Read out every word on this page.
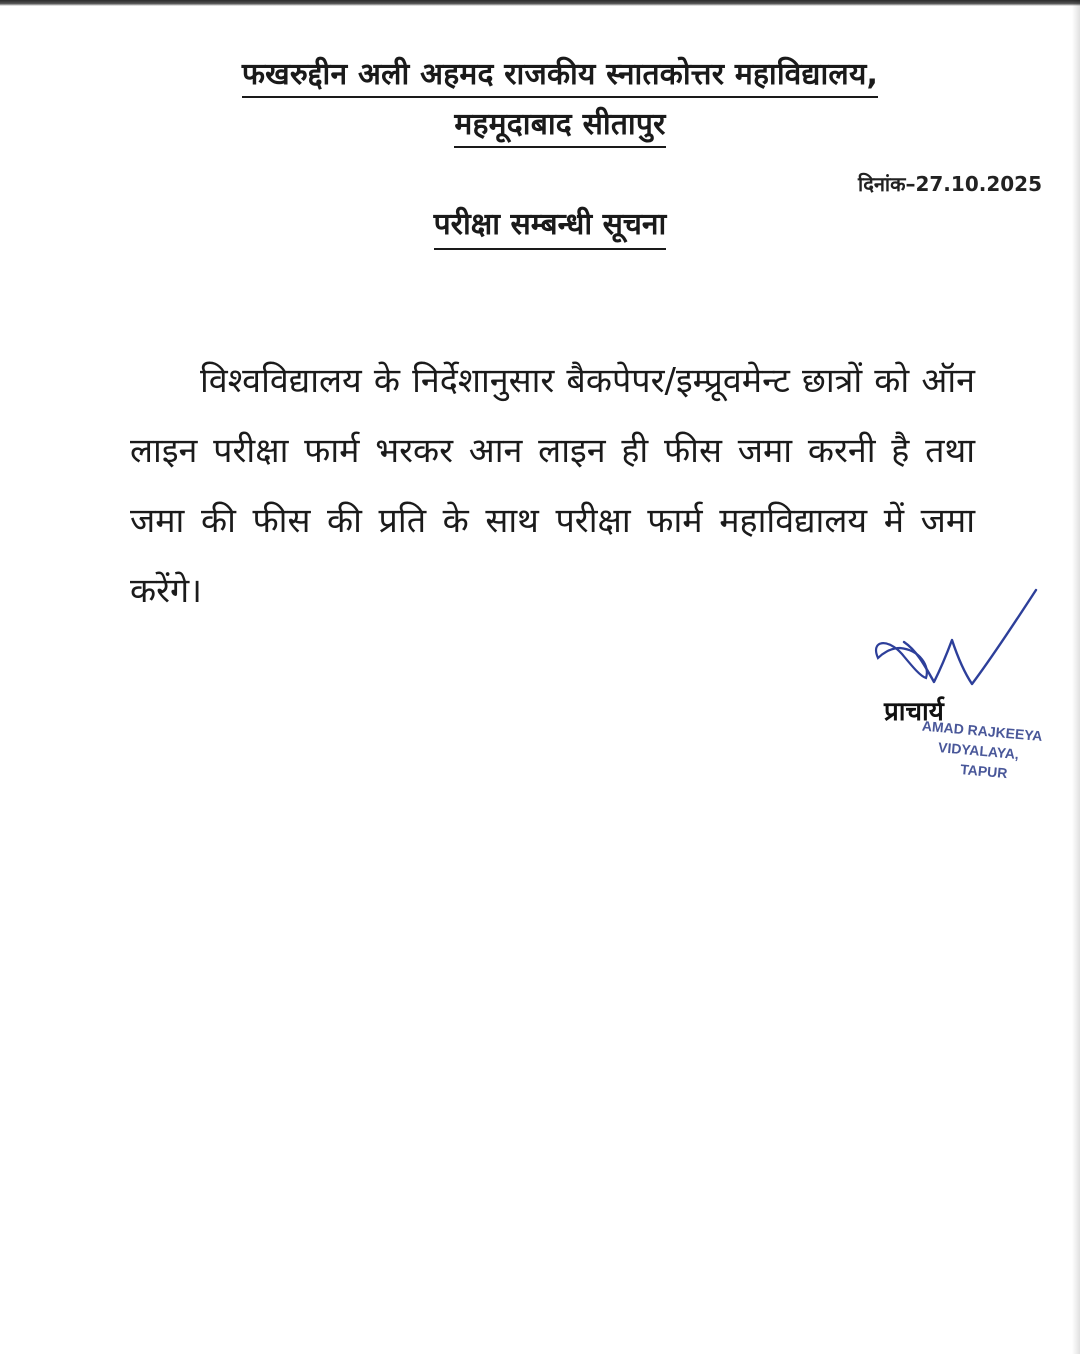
फखरुद्दीन अली अहमद राजकीय स्नातकोत्तर महाविद्यालय,
महमूदाबाद सीतापुर
दिनांक–27.10.2025
परीक्षा सम्बन्धी सूचना

विश्वविद्यालय के निर्देशानुसार बैकपेपर/इम्प्रूवमेन्ट छात्रों को ऑन लाइन परीक्षा फार्म भरकर आन लाइन ही फीस जमा करनी है तथा जमा की फीस की प्रति के साथ परीक्षा फार्म महाविद्यालय में जमा करेंगे।

प्राचार्य
AMAD RAJKEEYA
VIDYALAYA,
TAPUR
